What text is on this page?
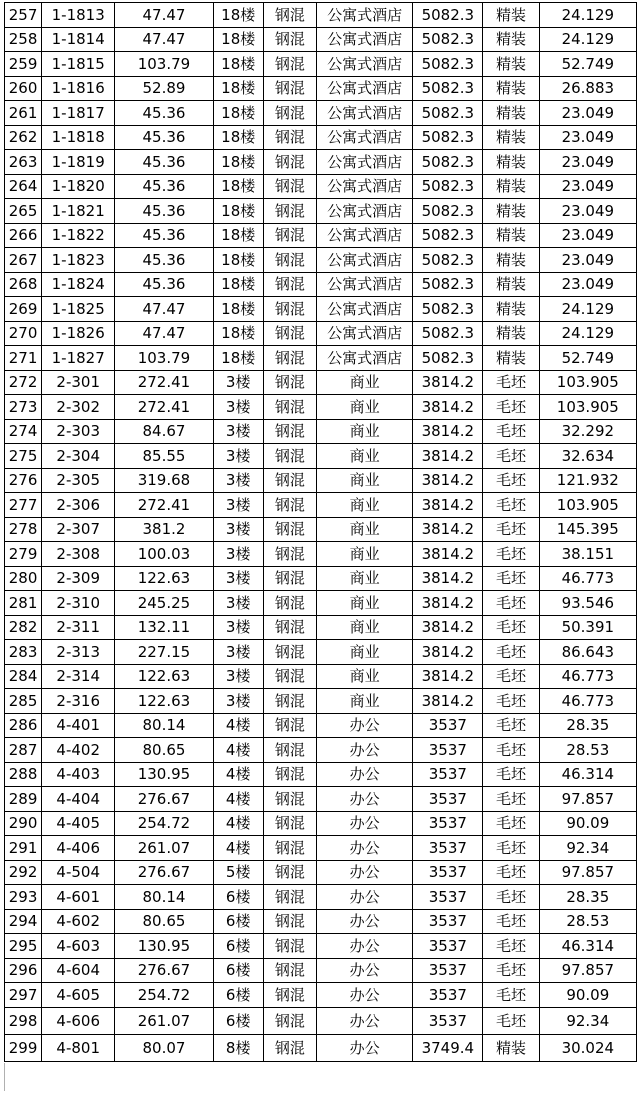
257	1-1813	47.47	18楼	钢混	公寓式酒店	5082.3	精装	24.129
258	1-1814	47.47	18楼	钢混	公寓式酒店	5082.3	精装	24.129
259	1-1815	103.79	18楼	钢混	公寓式酒店	5082.3	精装	52.749
260	1-1816	52.89	18楼	钢混	公寓式酒店	5082.3	精装	26.883
261	1-1817	45.36	18楼	钢混	公寓式酒店	5082.3	精装	23.049
262	1-1818	45.36	18楼	钢混	公寓式酒店	5082.3	精装	23.049
263	1-1819	45.36	18楼	钢混	公寓式酒店	5082.3	精装	23.049
264	1-1820	45.36	18楼	钢混	公寓式酒店	5082.3	精装	23.049
265	1-1821	45.36	18楼	钢混	公寓式酒店	5082.3	精装	23.049
266	1-1822	45.36	18楼	钢混	公寓式酒店	5082.3	精装	23.049
267	1-1823	45.36	18楼	钢混	公寓式酒店	5082.3	精装	23.049
268	1-1824	45.36	18楼	钢混	公寓式酒店	5082.3	精装	23.049
269	1-1825	47.47	18楼	钢混	公寓式酒店	5082.3	精装	24.129
270	1-1826	47.47	18楼	钢混	公寓式酒店	5082.3	精装	24.129
271	1-1827	103.79	18楼	钢混	公寓式酒店	5082.3	精装	52.749
272	2-301	272.41	3楼	钢混	商业	3814.2	毛坯	103.905
273	2-302	272.41	3楼	钢混	商业	3814.2	毛坯	103.905
274	2-303	84.67	3楼	钢混	商业	3814.2	毛坯	32.292
275	2-304	85.55	3楼	钢混	商业	3814.2	毛坯	32.634
276	2-305	319.68	3楼	钢混	商业	3814.2	毛坯	121.932
277	2-306	272.41	3楼	钢混	商业	3814.2	毛坯	103.905
278	2-307	381.2	3楼	钢混	商业	3814.2	毛坯	145.395
279	2-308	100.03	3楼	钢混	商业	3814.2	毛坯	38.151
280	2-309	122.63	3楼	钢混	商业	3814.2	毛坯	46.773
281	2-310	245.25	3楼	钢混	商业	3814.2	毛坯	93.546
282	2-311	132.11	3楼	钢混	商业	3814.2	毛坯	50.391
283	2-313	227.15	3楼	钢混	商业	3814.2	毛坯	86.643
284	2-314	122.63	3楼	钢混	商业	3814.2	毛坯	46.773
285	2-316	122.63	3楼	钢混	商业	3814.2	毛坯	46.773
286	4-401	80.14	4楼	钢混	办公	3537	毛坯	28.35
287	4-402	80.65	4楼	钢混	办公	3537	毛坯	28.53
288	4-403	130.95	4楼	钢混	办公	3537	毛坯	46.314
289	4-404	276.67	4楼	钢混	办公	3537	毛坯	97.857
290	4-405	254.72	4楼	钢混	办公	3537	毛坯	90.09
291	4-406	261.07	4楼	钢混	办公	3537	毛坯	92.34
292	4-504	276.67	5楼	钢混	办公	3537	毛坯	97.857
293	4-601	80.14	6楼	钢混	办公	3537	毛坯	28.35
294	4-602	80.65	6楼	钢混	办公	3537	毛坯	28.53
295	4-603	130.95	6楼	钢混	办公	3537	毛坯	46.314
296	4-604	276.67	6楼	钢混	办公	3537	毛坯	97.857
297	4-605	254.72	6楼	钢混	办公	3537	毛坯	90.09
298	4-606	261.07	6楼	钢混	办公	3537	毛坯	92.34
299	4-801	80.07	8楼	钢混	办公	3749.4	精装	30.024
